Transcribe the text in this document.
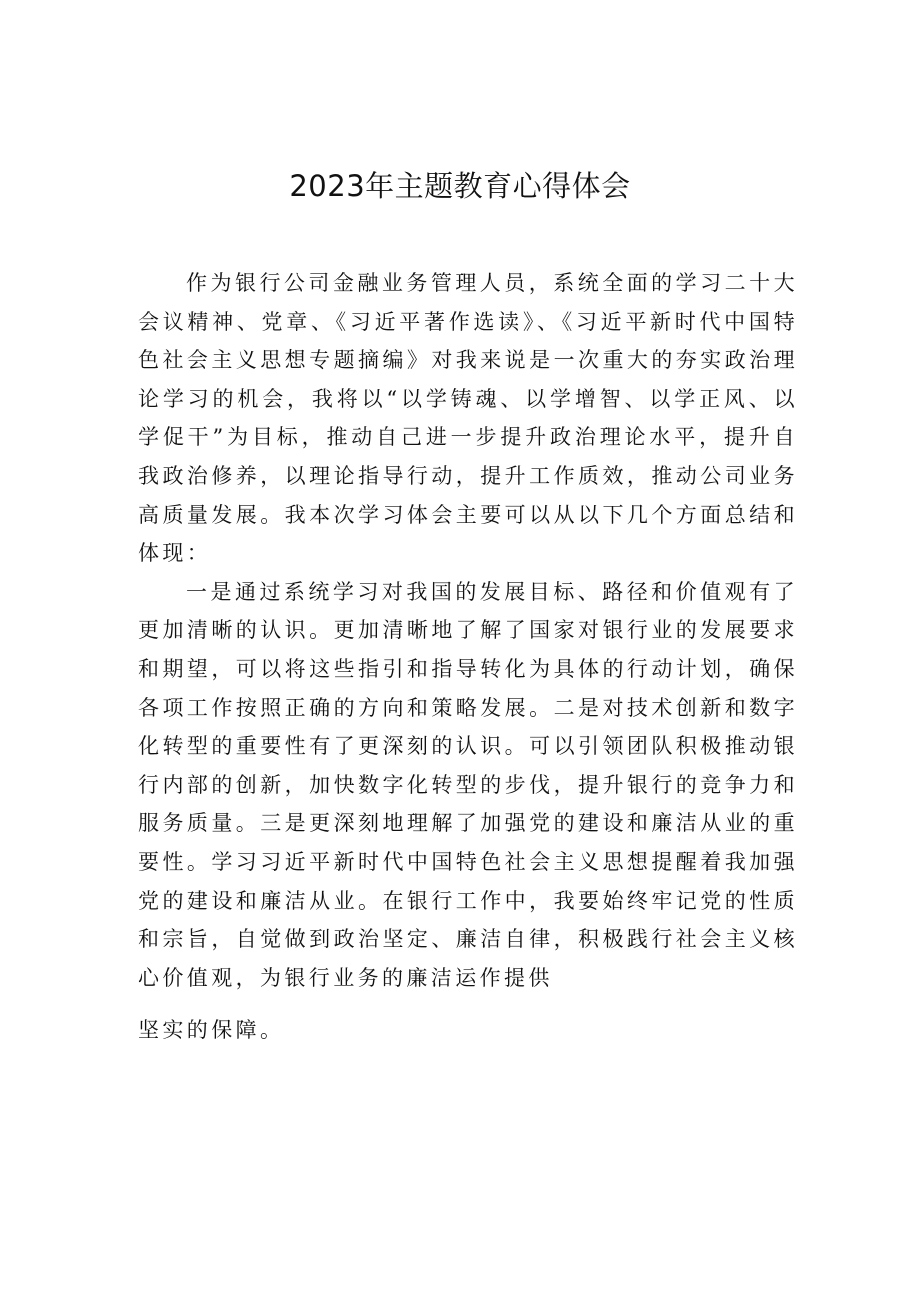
2023年主题教育心得体会

作为银行公司金融业务管理人员，系统全面的学习二十大会议精神、党章、《习近平著作选读》、《习近平新时代中国特色社会主义思想专题摘编》对我来说是一次重大的夯实政治理论学习的机会，我将以“以学铸魂、以学增智、以学正风、以学促干”为目标，推动自己进一步提升政治理论水平，提升自我政治修养，以理论指导行动，提升工作质效，推动公司业务高质量发展。我本次学习体会主要可以从以下几个方面总结和体现：

一是通过系统学习对我国的发展目标、路径和价值观有了更加清晰的认识。更加清晰地了解了国家对银行业的发展要求和期望，可以将这些指引和指导转化为具体的行动计划，确保各项工作按照正确的方向和策略发展。二是对技术创新和数字化转型的重要性有了更深刻的认识。可以引领团队积极推动银行内部的创新，加快数字化转型的步伐，提升银行的竞争力和服务质量。三是更深刻地理解了加强党的建设和廉洁从业的重要性。学习习近平新时代中国特色社会主义思想提醒着我加强党的建设和廉洁从业。在银行工作中，我要始终牢记党的性质和宗旨，自觉做到政治坚定、廉洁自律，积极践行社会主义核心价值观，为银行业务的廉洁运作提供

坚实的保障。
